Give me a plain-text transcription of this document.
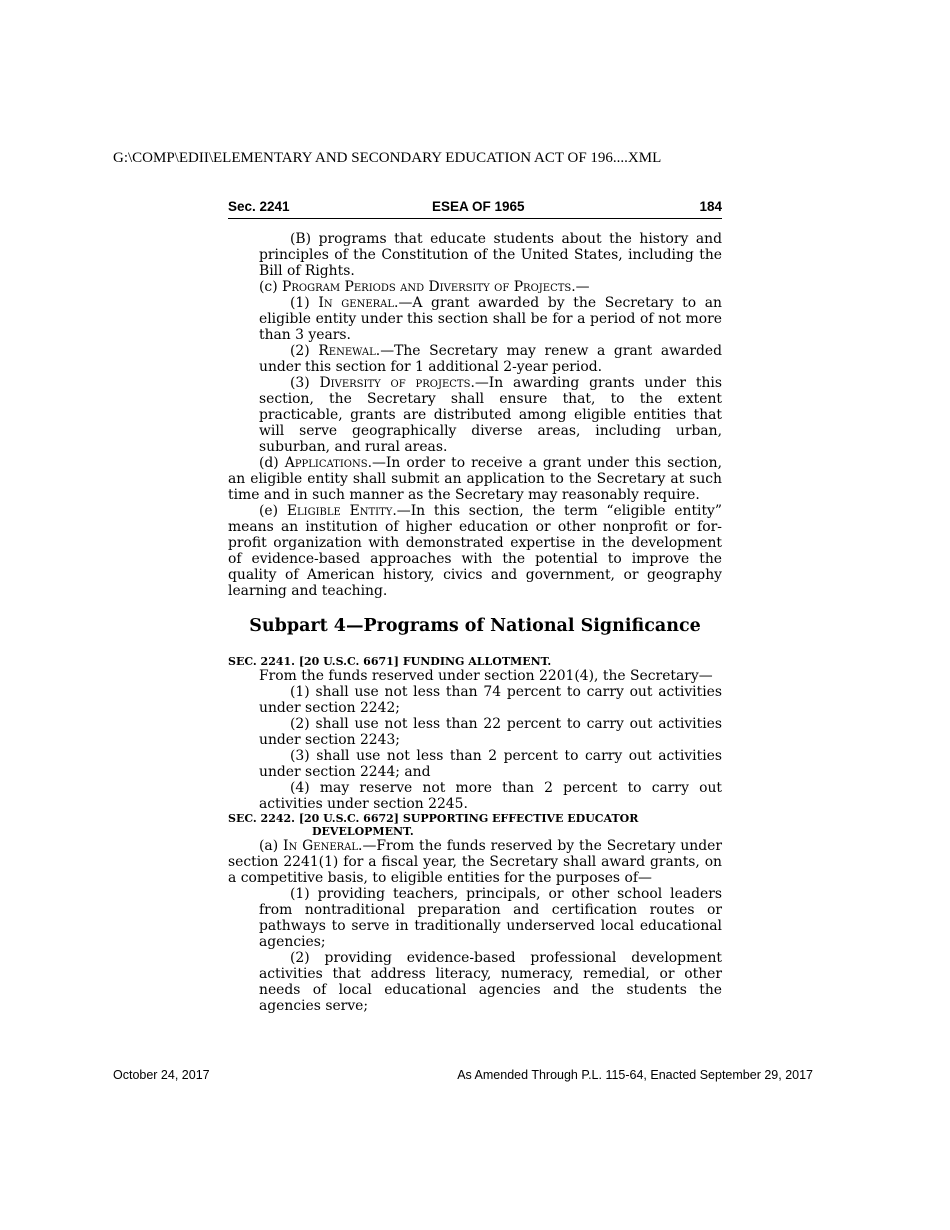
G:\COMP\EDII\ELEMENTARY AND SECONDARY EDUCATION ACT OF 196....XML
Sec. 2241	ESEA OF 1965	184

(B) programs that educate students about the history and principles of the Constitution of the United States, including the Bill of Rights.

(c) Program Periods and Diversity of Projects.—

(1) In general.—A grant awarded by the Secretary to an eligible entity under this section shall be for a period of not more than 3 years.

(2) Renewal.—The Secretary may renew a grant awarded under this section for 1 additional 2-year period.

(3) Diversity of projects.—In awarding grants under this section, the Secretary shall ensure that, to the extent practicable, grants are distributed among eligible entities that will serve geographically diverse areas, including urban, suburban, and rural areas.

(d) Applications.—In order to receive a grant under this section, an eligible entity shall submit an application to the Secretary at such time and in such manner as the Secretary may reasonably require.

(e) Eligible Entity.—In this section, the term “eligible entity” means an institution of higher education or other nonprofit or for-profit organization with demonstrated expertise in the development of evidence-based approaches with the potential to improve the quality of American history, civics and government, or geography learning and teaching.

Subpart 4—Programs of National Significance

SEC. 2241. [20 U.S.C. 6671] FUNDING ALLOTMENT.

From the funds reserved under section 2201(4), the Secretary—

(1) shall use not less than 74 percent to carry out activities under section 2242;

(2) shall use not less than 22 percent to carry out activities under section 2243;

(3) shall use not less than 2 percent to carry out activities under section 2244; and

(4) may reserve not more than 2 percent to carry out activities under section 2245.

SEC. 2242. [20 U.S.C. 6672] SUPPORTING EFFECTIVE EDUCATOR DEVELOPMENT.

(a) In General.—From the funds reserved by the Secretary under section 2241(1) for a fiscal year, the Secretary shall award grants, on a competitive basis, to eligible entities for the purposes of—

(1) providing teachers, principals, or other school leaders from nontraditional preparation and certification routes or pathways to serve in traditionally underserved local educational agencies;

(2) providing evidence-based professional development activities that address literacy, numeracy, remedial, or other needs of local educational agencies and the students the agencies serve;

October 24, 2017	As Amended Through P.L. 115-64, Enacted September 29, 2017
